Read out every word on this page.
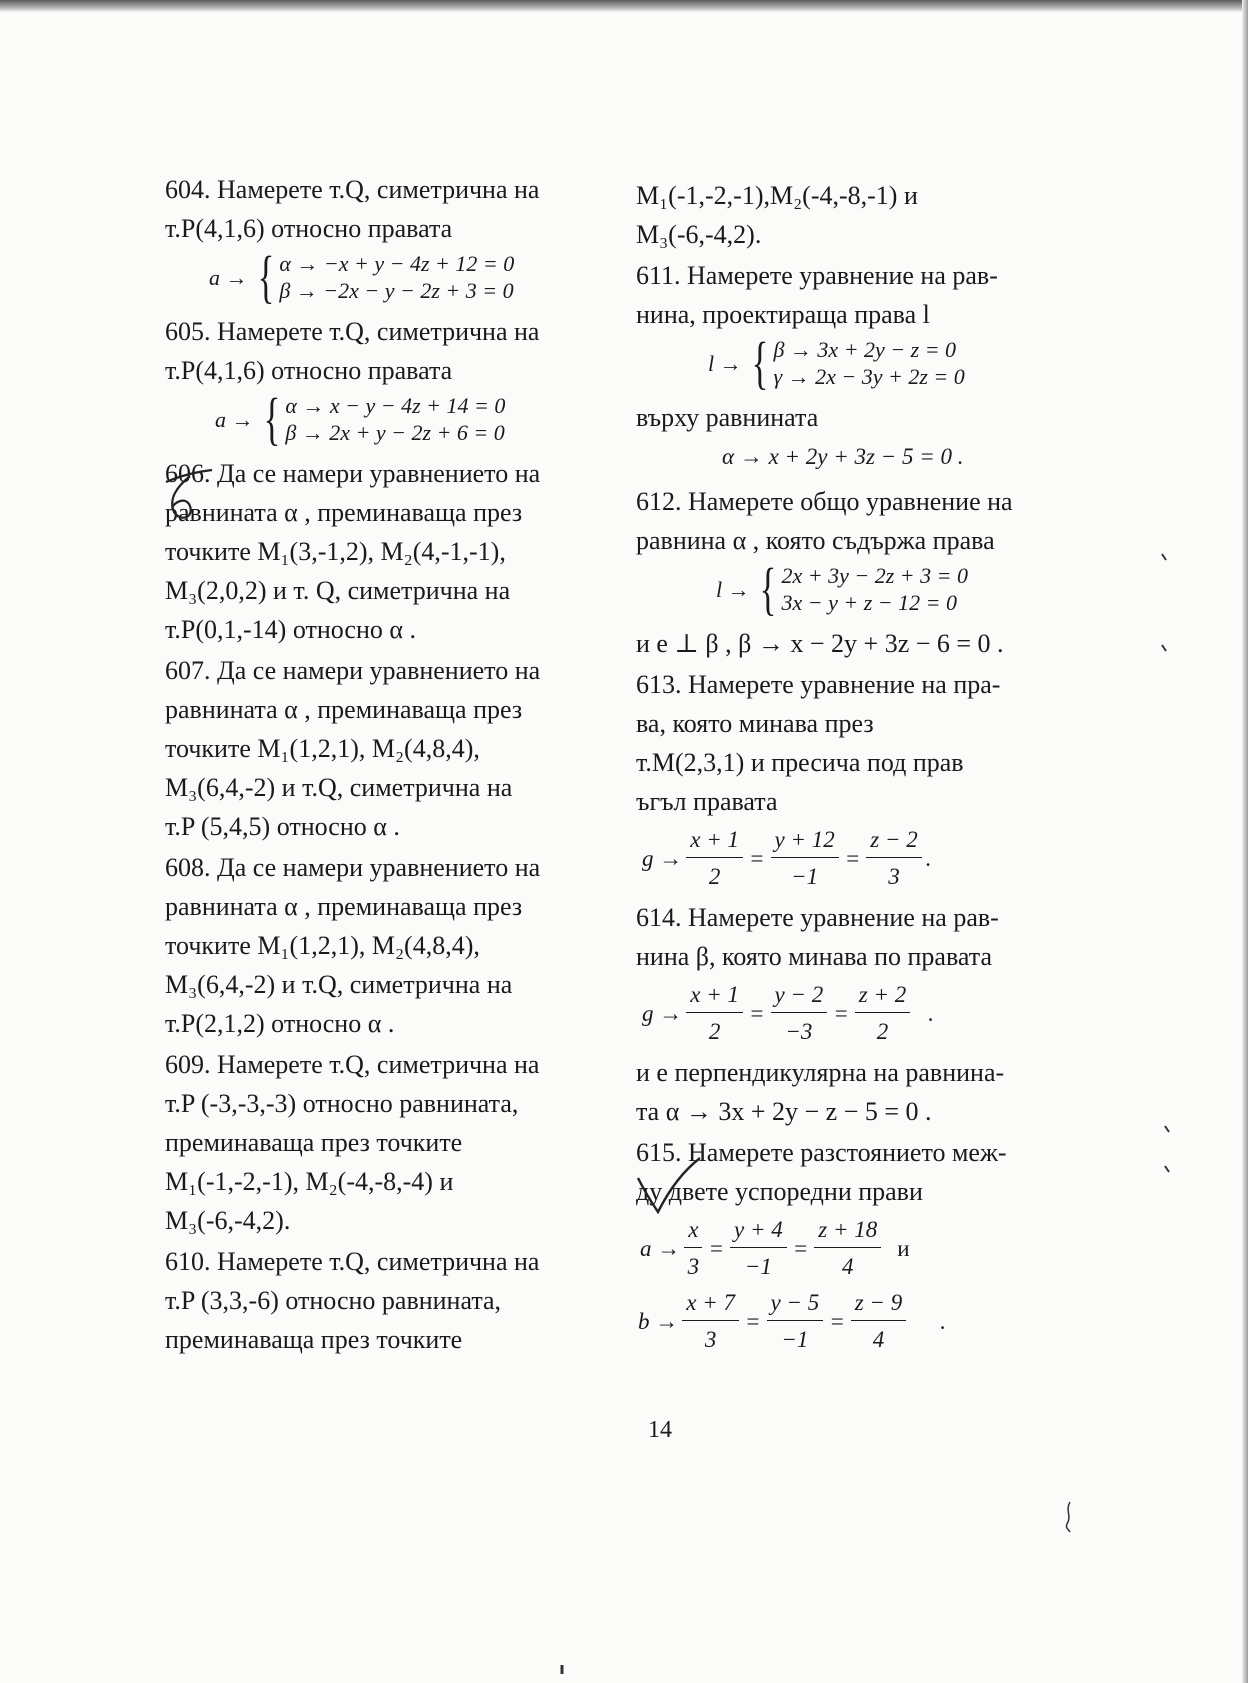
604. Намерете т.Q, симетрична на
т.P(4,1,6) относно правата
a → { α → −x + y − 4z + 12 = 0
β → −2x − y − 2z + 3 = 0
605. Намерете т.Q, симетрична на
т.P(4,1,6) относно правата
a → { α → x − y − 4z + 14 = 0
β → 2x + y − 2z + 6 = 0
606. Да се намери уравнението на
равнината α , преминаваща през
точките M₁(3,-1,2), M₂(4,-1,-1),
M₃(2,0,2) и т. Q, симетрична на
т.P(0,1,-14) относно α .
607. Да се намери уравнението на
равнината α , преминаваща през
точките M₁(1,2,1), M₂(4,8,4),
M₃(6,4,-2) и т.Q, симетрична на
т.P (5,4,5) относно α .
608. Да се намери уравнението на
равнината α , преминаваща през
точките M₁(1,2,1), M₂(4,8,4),
M₃(6,4,-2) и т.Q, симетрична на
т.P(2,1,2) относно α .
609. Намерете т.Q, симетрична на
т.P (-3,-3,-3) относно равнината,
преминаваща през точките
M₁(-1,-2,-1), M₂(-4,-8,-4) и
M₃(-6,-4,2).
610. Намерете т.Q, симетрична на
т.P (3,3,-6) относно равнината,
преминаваща през точките
M₁(-1,-2,-1),M₂(-4,-8,-1) и
M₃(-6,-4,2).
611. Намерете уравнение на рав-
нина, проектираща права l
l → { β → 3x + 2y − z = 0
γ → 2x − 3y + 2z = 0
върху равнината
α → x + 2y + 3z − 5 = 0 .
612. Намерете общо уравнение на
равнина α , която съдържа права
l → { 2x + 3y − 2z + 3 = 0
3x − y + z − 12 = 0
и е ⊥ β , β → x − 2y + 3z − 6 = 0 .
613. Намерете уравнение на пра-
ва, която минава през
т.M(2,3,1) и пресича под прав
ъгъл правата
$g \to \frac{x + 1}{2} = \frac{y + 12}{-1} = \frac{z - 2}{3}$ .
614. Намерете уравнение на рав-
нина β, която минава по правата
$g \to \frac{x + 1}{2} = \frac{y - 2}{-3} = \frac{z + 2}{2}$ .
и е перпендикулярна на равнина-
та α → 3x + 2y − z − 5 = 0 .
615. Намерете разстоянието меж-
ду двете успоредни прави
$a \to \frac{x}{3} = \frac{y + 4}{-1} = \frac{z + 18}{4}$ и
$b \to \frac{x + 7}{3} = \frac{y - 5}{-1} = \frac{z - 9}{4}$ .
14
